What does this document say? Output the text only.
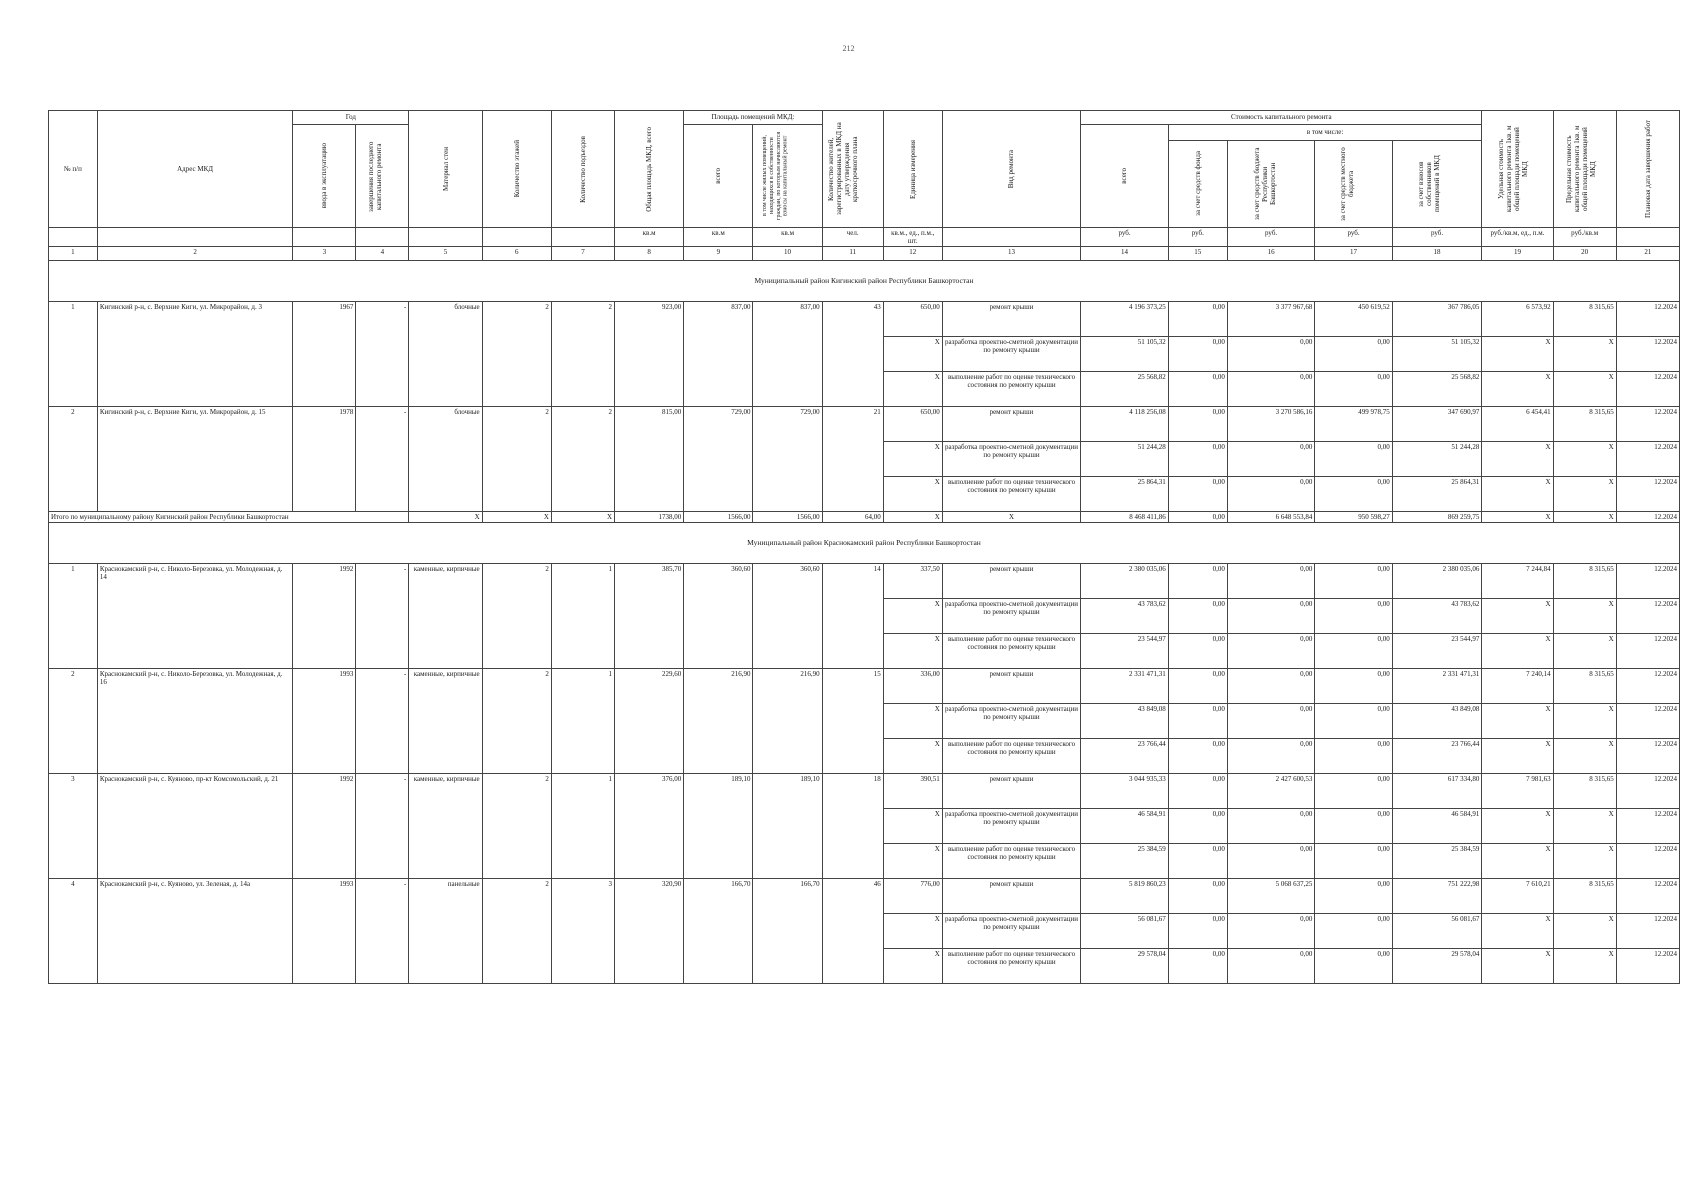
212
№ п/п	Адрес МКД	Год		Материал стен	Количество этажей	Количество подъездов	Общая площадь МКД, всего	Площадь помещений МКД:		Количество жителей, зарегистрированных в МКД на дату утверждения краткосрочного плана	Единица измерения	Вид ремонта	Стоимость капитального ремонта					Удельная стоимость капитального ремонта 1кв. м общей площади помещений МКД	Предельная стоимость капитального ремонта 1кв. м общей площади помещений МКД	Плановая дата завершения работ

		ввода в эксплуатацию	завершения последнего капитального ремонта					всего	в том числе жилых помещений, находящихся в собственности граждан, по которым начисляются взносы на капитальный ремонт				всего	в том числе:						

														за счет средств фонда	за счет средств бюджета Республики Башкортостан	за счет средств местного бюджета	за счет взносов собственников помещений в МКД			

							кв.м	кв.м	кв.м	чел.	кв.м., ед., п.м., шт.		руб.	руб.	руб.	руб.	руб.	руб./кв.м, ед., п.м.	руб./кв.м	
1	2	3	4	5	6	7	8	9	10	11	12	13	14	15	16	17	18	19	20	21
Муниципальный район Кигинский район Республики Башкортостан																				
1	Кигинский р-н, с. Верхние Киги, ул. Микрорайон, д. 3	1967	-	блочные	2	2	923,00	837,00	837,00	43	650,00	ремонт крыши	4 196 373,25	0,00	3 377 967,68	450 619,52	367 786,05	6 573,92	8 315,65	12.2024
											X	разработка проектно-сметной документации по ремонту крыши	51 105,32	0,00	0,00	0,00	51 105,32	X	X	12.2024
											X	выполнение работ по оценке технического состояния по ремонту крыши	25 568,82	0,00	0,00	0,00	25 568,82	X	X	12.2024
2	Кигинский р-н, с. Верхние Киги, ул. Микрорайон, д. 15	1978	-	блочные	2	2	815,00	729,00	729,00	21	650,00	ремонт крыши	4 118 256,08	0,00	3 270 586,16	499 978,75	347 690,97	6 454,41	8 315,65	12.2024
											X	разработка проектно-сметной документации по ремонту крыши	51 244,28	0,00	0,00	0,00	51 244,28	X	X	12.2024
											X	выполнение работ по оценке технического состояния по ремонту крыши	25 864,31	0,00	0,00	0,00	25 864,31	X	X	12.2024
Итого по муниципальному району Кигинский район Республики Башкортостан				X	X	X	1738,00	1566,00	1566,00	64,00	X	X	8 468 411,86	0,00	6 648 553,84	950 598,27	869 259,75	X	X	12.2024
Муниципальный район Краснокамский район Республики Башкортостан																				
1	Краснокамский р-н, с. Николо-Березовка, ул. Молодежная, д. 14	1992	-	каменные, кирпичные	2	1	385,70	360,60	360,60	14	337,50	ремонт крыши	2 380 035,06	0,00	0,00	0,00	2 380 035,06	7 244,84	8 315,65	12.2024
											X	разработка проектно-сметной документации по ремонту крыши	43 783,62	0,00	0,00	0,00	43 783,62	X	X	12.2024
											X	выполнение работ по оценке технического состояния по ремонту крыши	23 544,97	0,00	0,00	0,00	23 544,97	X	X	12.2024
2	Краснокамский р-н, с. Николо-Березовка, ул. Молодежная, д. 16	1993	-	каменные, кирпичные	2	1	229,60	216,90	216,90	15	336,00	ремонт крыши	2 331 471,31	0,00	0,00	0,00	2 331 471,31	7 240,14	8 315,65	12.2024
											X	разработка проектно-сметной документации по ремонту крыши	43 849,08	0,00	0,00	0,00	43 849,08	X	X	12.2024
											X	выполнение работ по оценке технического состояния по ремонту крыши	23 766,44	0,00	0,00	0,00	23 766,44	X	X	12.2024
3	Краснокамский р-н, с. Куяново, пр-кт Комсомольский, д. 21	1992	-	каменные, кирпичные	2	1	376,00	189,10	189,10	18	390,51	ремонт крыши	3 044 935,33	0,00	2 427 600,53	0,00	617 334,80	7 981,63	8 315,65	12.2024
											X	разработка проектно-сметной документации по ремонту крыши	46 584,91	0,00	0,00	0,00	46 584,91	X	X	12.2024
											X	выполнение работ по оценке технического состояния по ремонту крыши	25 384,59	0,00	0,00	0,00	25 384,59	X	X	12.2024
4	Краснокамский р-н, с. Куяново, ул. Зеленая, д. 14а	1993	-	панельные	2	3	320,90	166,70	166,70	46	776,00	ремонт крыши	5 819 860,23	0,00	5 068 637,25	0,00	751 222,98	7 610,21	8 315,65	12.2024
											X	разработка проектно-сметной документации по ремонту крыши	56 081,67	0,00	0,00	0,00	56 081,67	X	X	12.2024
											X	выполнение работ по оценке технического состояния по ремонту крыши	29 578,04	0,00	0,00	0,00	29 578,04	X	X	12.2024
